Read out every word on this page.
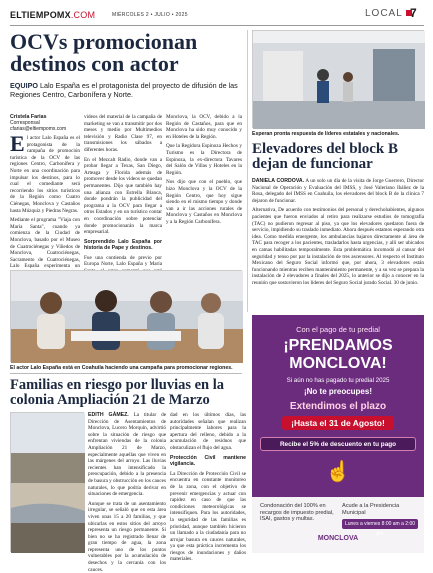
ELTIEMPOMX.COM	MIÉRCOLES 2 • JULIO • 2025	LOCAL 7
OCVs promocionan destinos con actor
EQUIPO Lalo España es el protagonista del proyecto de difusión de las Regiones Centro, Carbonífera y Norte.
Cristela Farias
Corresponsal
cfarias@eltiempomx.com

El actor Lalo España es el protagonista de la campaña de promoción turística de la OCV de las regiones Centro, Carbonífera y Norte en una coordinación para impulsar los destinos, para lo cual el comediante será recorriendo los sitios turísticos de la Región como Cuatro Ciénegas, Monclova y Castaños hasta Múzquiz y Piedras Negras.

Mediante el programa "Viaja con María Santa", cuando ya comienza de la Ciudad de Monclova, basado por el Museo de Cuatrociénegas y Viñedos de Monclova, Cuatrociénegas, Sacramento de Cuatrociénegas, Lalo España experimenta un

videos del material de la campaña de marketing se van a transmitir por dos meses y medio por Multimedios televisión y Radio Clase 97, en transmisiones los sábados a diferentes horas.

En el Mezcalt Radio, donde van a probar llegar a Texas, San Diego, Arteaga y Florida además de promover desde los videos se quedan permanentes. Dijo que también hay una alianza con Estrella Blanca, donde pondrán la publicidad del programa a la OCV para llegar a otros Estados y en un turístico contar en coordinación sobre potenciar donde promocionarán la marca empresarial.

Sorprendido Lalo España por historia de Pape y destinos.

Fue una contienda de previo por Europa Norte, Lalo España y María

Monclova, la OCV, debido a la Región de Castaños, para que en Monclova ha sido muy conocido y en Hoteles de la Región.

Que la Regidora Espinoza Hechos y Turismo es la Directora de Espinoza, la ex-directora Tavares del Salón de Villas y Hoteles en la Región.

Nos dijo que con el pueblo, que hizo Monclova y la OCV de la Región Centro, que hoy sigue siendo en el mismo tiempo y donde van a ir las acciones rurales de Monclova y Castaños en Monclova y a la Región Carbonífera.

El actor Lalo España está en Coahuila haciendo una campaña para promocionar regiones.
Esperan pronta respuesta de líderes estatales y nacionales.
Elevadores del block B dejan de funcionar

DANIELA CORDOVA. A un solo un día de la visita de Jorge Guerrero, Director Nacional de Operación y Evaluación del IMSS, y José Valeriano Ibáñez de la Rosa, delegado del IMSS en Coahuila, los elevadores del block B de la clínica 7 dejaron de funcionar.

Alternativa, De acuerdo con testimonios del personal y derechohabientes, algunos pacientes que fueron enviados al retiro para realizarse estudios de tomografía (TAC) no pudieron regresar al piso, ya que los elevadores quedaron fuera de servicio, impidiendo su traslado inmediato. Ahora después estamos esperando otra idea. Como medida emergente, los ambulancias bajaron directamente al área de TAC para recoger a los pacientes, trasladarlos hasta urgencias, y allí ser ubicados en camas habilitadas temporalmente. Esta problemática incomodó al cansar del seguridad y tenso por par la instalación de tres ascensores. Al respecto el Instituto Mexicano del Seguro Social informó que, por ahora, 3 elevadores están funcionando mientras reciben mantenimiento permanente, y a su vez se prepara la instalación de 2 elevadores a finales del 2025, lo anterior se dijo a conocer en la reunión que sostuvieron los líderes del Seguro Social jurado Social. 30 de junio.

Familias en riesgo por lluvias en la colonia Ampliación 21 de Marzo

EDITH GÁMEZ. La titular de Dirección de Asentamientos de Monclova, Lucero Morquín, advirtió sobre la situación de riesgo que enfrentan viviendas de la colonia Ampliación 21 de Marzo, especialmente aquellas que viven en las márgenes del arroyo. Las lluvias recientes han intensificado la preocupación, debido a la presencia de basura y obstrucción en los cauces naturales, lo que podría derivar en situaciones de emergencia.

Aunque se trata de un asentamiento irregular, se señaló que en esta área viven unas 15 a 20 familias, y que ubicarlas en estos sitios del arroyo representa un riesgo permanente. Si bien no se ha registrado llenar de gran tiempo de agua, la zona representa uno de los puntos vulnerables por la acumulación de desechos y la cercanía con los cauces.

dad en los últimos días, las autoridades señalan que realizan principalmente labores para la apertura del relleno, debido a la acumulación de residuos que obstaculizan el flujo del agua.

Protección Civil mantiene vigilancia.

La Dirección de Protección Civil se encuentra en constante monitoreo de la zona, con el objetivo de prevenir emergencias y actuar con rapidez en caso de que las condiciones meteorológicas se intensifiquen. Para los autoridades, la seguridad de las familias es prioridad, aunque también hicieron un llamado a la ciudadanía para no arrojar basura en cauces naturales, ya que esta práctica incrementa los riesgos de inundaciones y daños materiales.

Con el pago de tu predial
¡PRENDAMOS
MONCLOVA!
Si aún no has pagado tu predial 2025
¡No te preocupes!
Extendimos el plazo
¡Hasta el 31 de Agosto!
Recibe el 5% de descuento en tu pago
☝
Condonación del 100% en recargos de impuesto predial, ISAI, gastos y multas.
Acude a la Presidencia Municipal
Lunes a viernes 8:00 am a 2:00 pm
MONCLOVA
